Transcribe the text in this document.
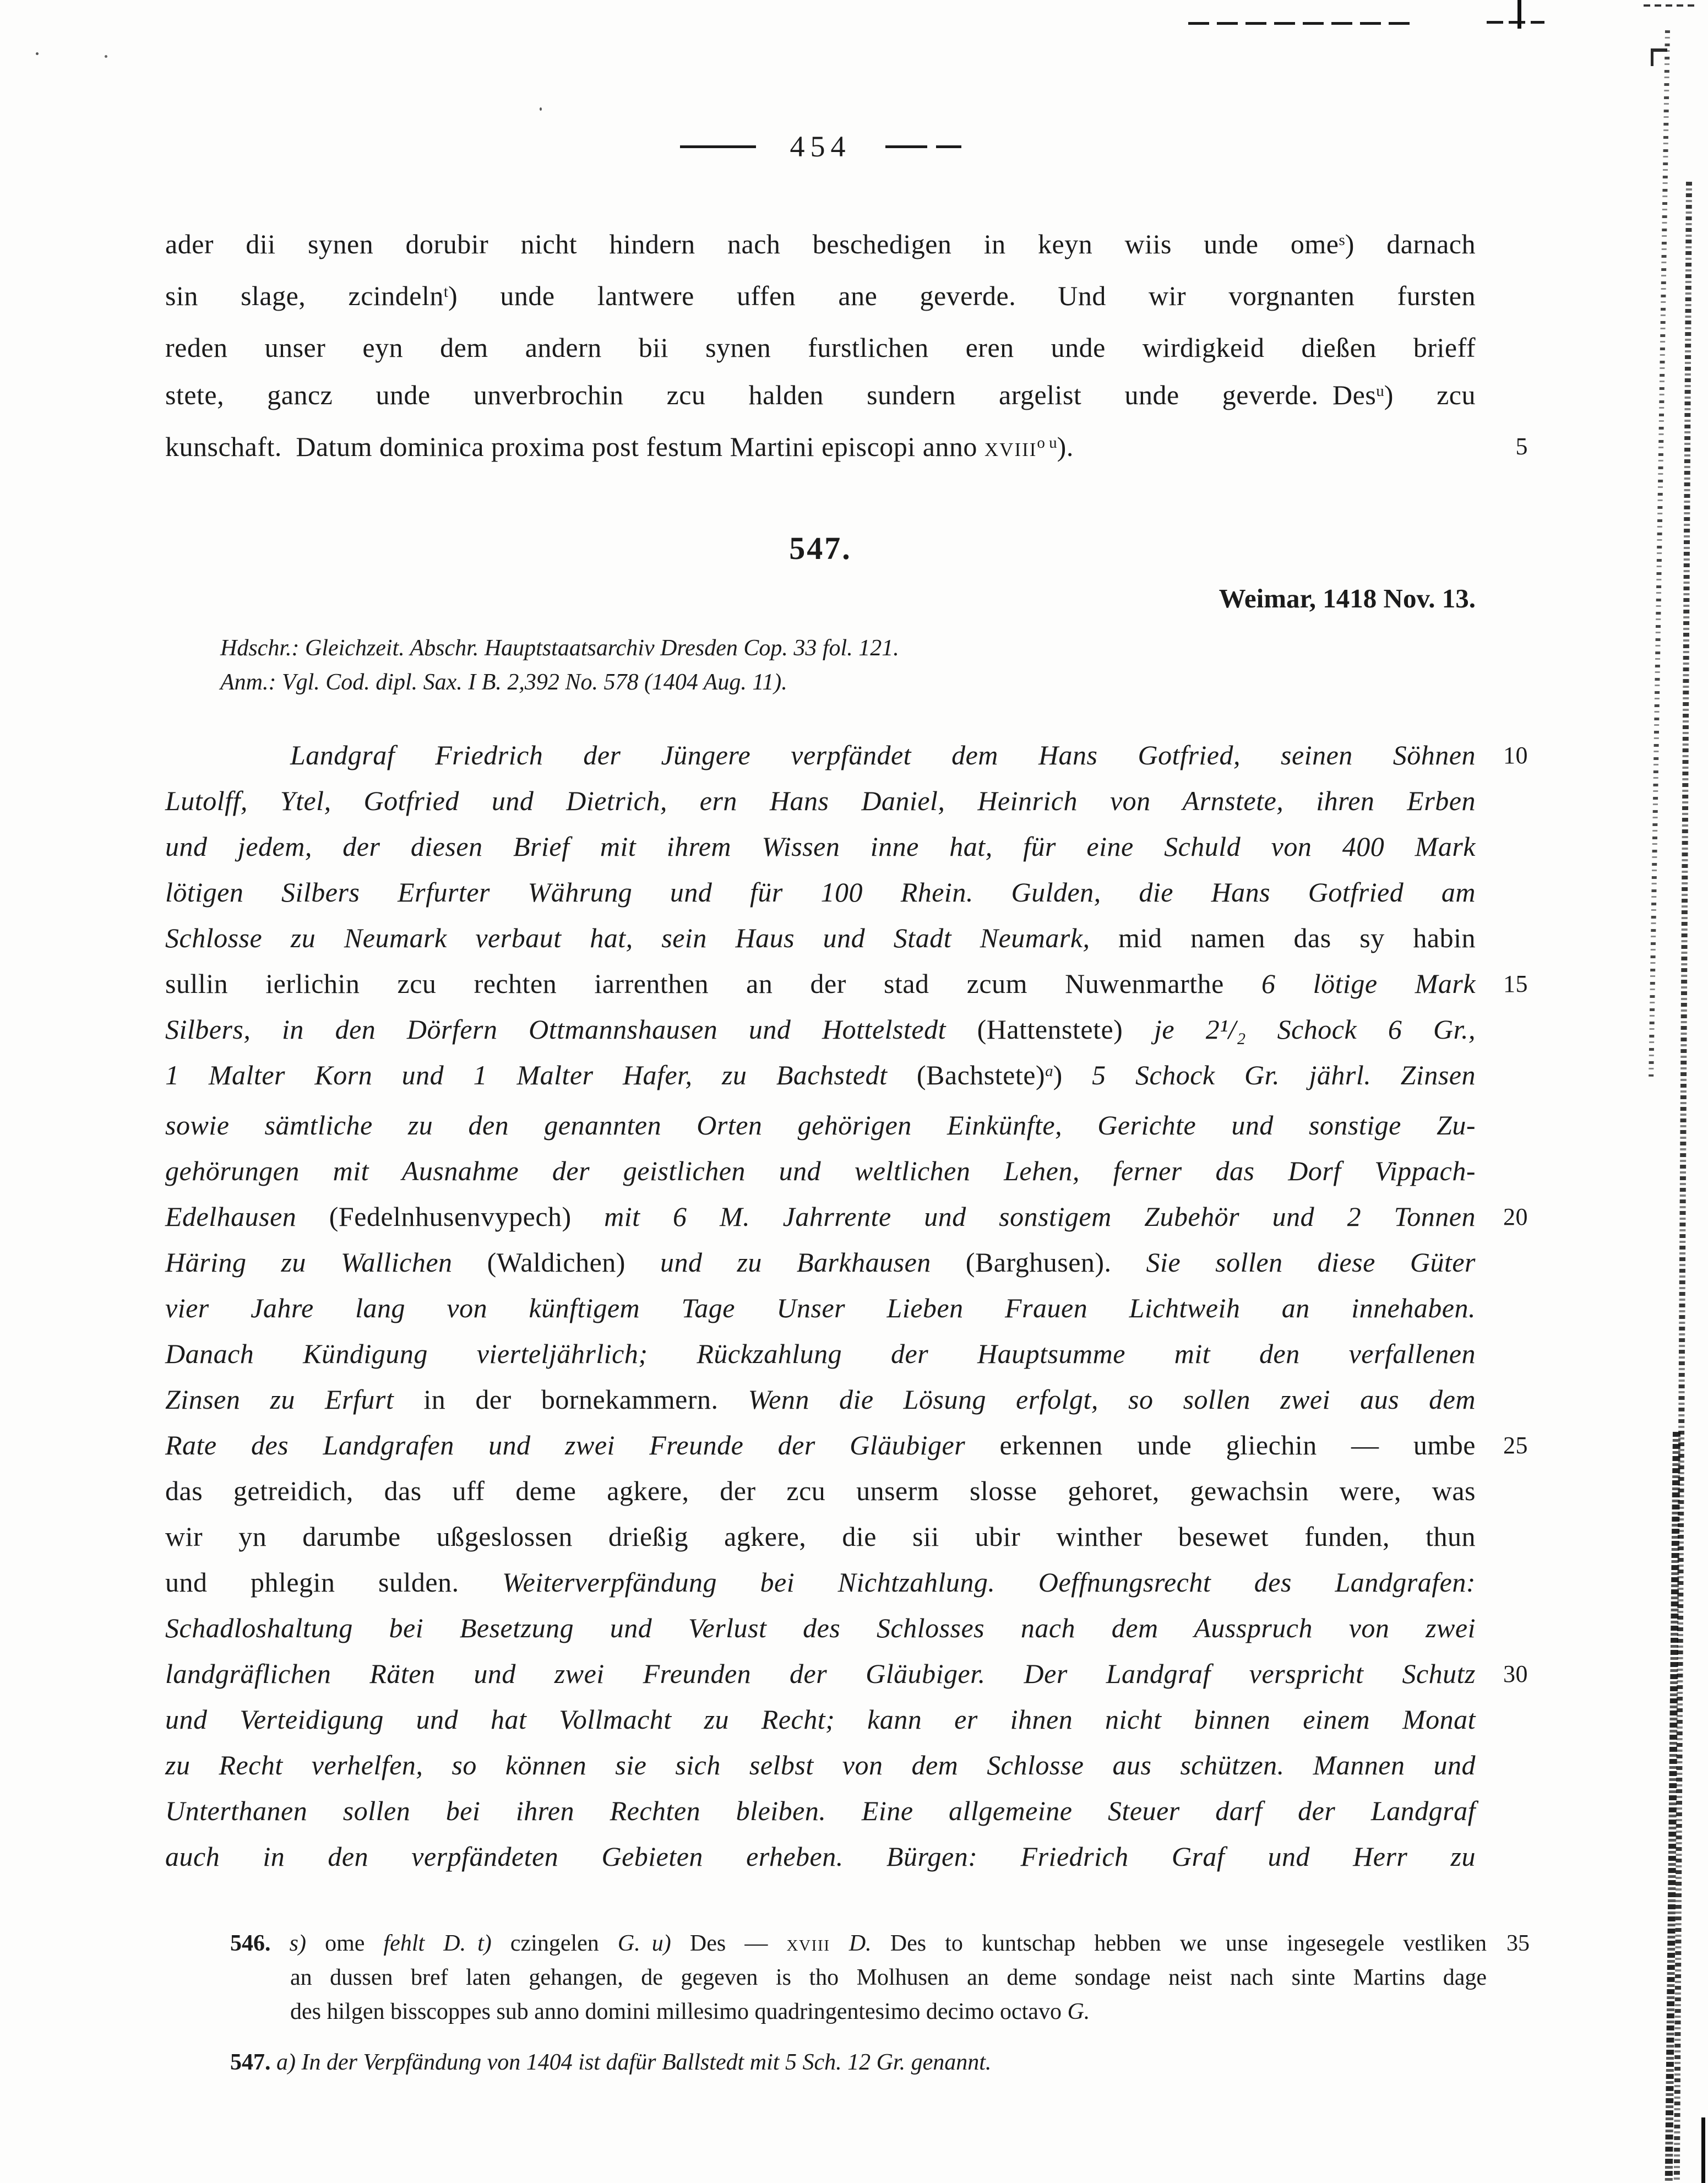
454
ader dii synen dorubir nicht hindern nach beschedigen in keyn wiis unde ome$^s$) darnach
sin slage, zcindeln$^t$) unde lantwere uffen ane geverde.  Und wir vorgnanten fursten
reden unser eyn dem andern bii synen furstlichen eren unde wirdigkeid dießen brieff
stete, gancz unde unverbrochin zcu halden sundern argelist unde geverde. Des$^u$) zcu
kunschaft. Datum dominica proxima post festum Martini episcopi anno xviii$^{o u}$).	5
547.
Weimar, 1418 Nov. 13.
Hdschr.: Gleichzeit. Abschr. Hauptstaatsarchiv Dresden Cop. 33 fol. 121.
Anm.: Vgl. Cod. dipl. Sax. I B. 2,392 No. 578 (1404 Aug. 11).
Landgraf Friedrich der Jüngere verpfändet dem Hans Gotfried, seinen Söhnen	10
Lutolff, Ytel, Gotfried und Dietrich, ern Hans Daniel, Heinrich von Arnstete, ihren Erben
und jedem, der diesen Brief mit ihrem Wissen inne hat, für eine Schuld von 400 Mark
lötigen Silbers Erfurter Währung und für 100 Rhein. Gulden, die Hans Gotfried am
Schlosse zu Neumark verbaut hat, sein Haus und Stadt Neumark, mid namen das sy habin
sullin ierlichin zcu rechten iarrenthen an der stad zcum Nuwenmarthe 6 lötige Mark	15
Silbers, in den Dörfern Ottmannshausen und Hottelstedt (Hattenstete) je 2¹/₂ Schock 6 Gr.,
1 Malter Korn und 1 Malter Hafer, zu Bachstedt (Bachstete)$^a$) 5 Schock Gr. jährl. Zinsen
sowie sämtliche zu den genannten Orten gehörigen Einkünfte, Gerichte und sonstige Zu-
gehörungen mit Ausnahme der geistlichen und weltlichen Lehen, ferner das Dorf Vippach-
Edelhausen (Fedelnhusenvypech) mit 6 M. Jahrrente und sonstigem Zubehör und 2 Tonnen	20
Häring zu Wallichen (Waldichen) und zu Barkhausen (Barghusen). Sie sollen diese Güter
vier Jahre lang von künftigem Tage Unser Lieben Frauen Lichtweih an innehaben.
Danach Kündigung vierteljährlich; Rückzahlung der Hauptsumme mit den verfallenen
Zinsen zu Erfurt in der bornekammern. Wenn die Lösung erfolgt, so sollen zwei aus dem
Rate des Landgrafen und zwei Freunde der Gläubiger erkennen unde gliechin — umbe	25
das getreidich, das uff deme agkere, der zcu unserm slosse gehoret, gewachsin were, was
wir yn darumbe ußgeslossen drießig agkere, die sii ubir winther besewet funden, thun
und phlegin sulden. Weiterverpfändung bei Nichtzahlung. Oeffnungsrecht des Landgrafen:
Schadloshaltung bei Besetzung und Verlust des Schlosses nach dem Ausspruch von zwei
landgräflichen Räten und zwei Freunden der Gläubiger. Der Landgraf verspricht Schutz	30
und Verteidigung und hat Vollmacht zu Recht; kann er ihnen nicht binnen einem Monat
zu Recht verhelfen, so können sie sich selbst von dem Schlosse aus schützen. Mannen und
Unterthanen sollen bei ihren Rechten bleiben. Eine allgemeine Steuer darf der Landgraf
auch in den verpfändeten Gebieten erheben. Bürgen: Friedrich Graf und Herr zu
546. s) ome fehlt D.  t) czingelen G.  u) Des — xviii D. Des to kuntschap hebben we unse ingesegele vestliken 35
an dussen bref laten gehangen, de gegeven is tho Molhusen an deme sondage neist nach sinte Martins dage
des hilgen bisscoppes sub anno domini millesimo quadringentesimo decimo octavo G.
547. a) In der Verpfändung von 1404 ist dafür Ballstedt mit 5 Sch. 12 Gr. genannt.
